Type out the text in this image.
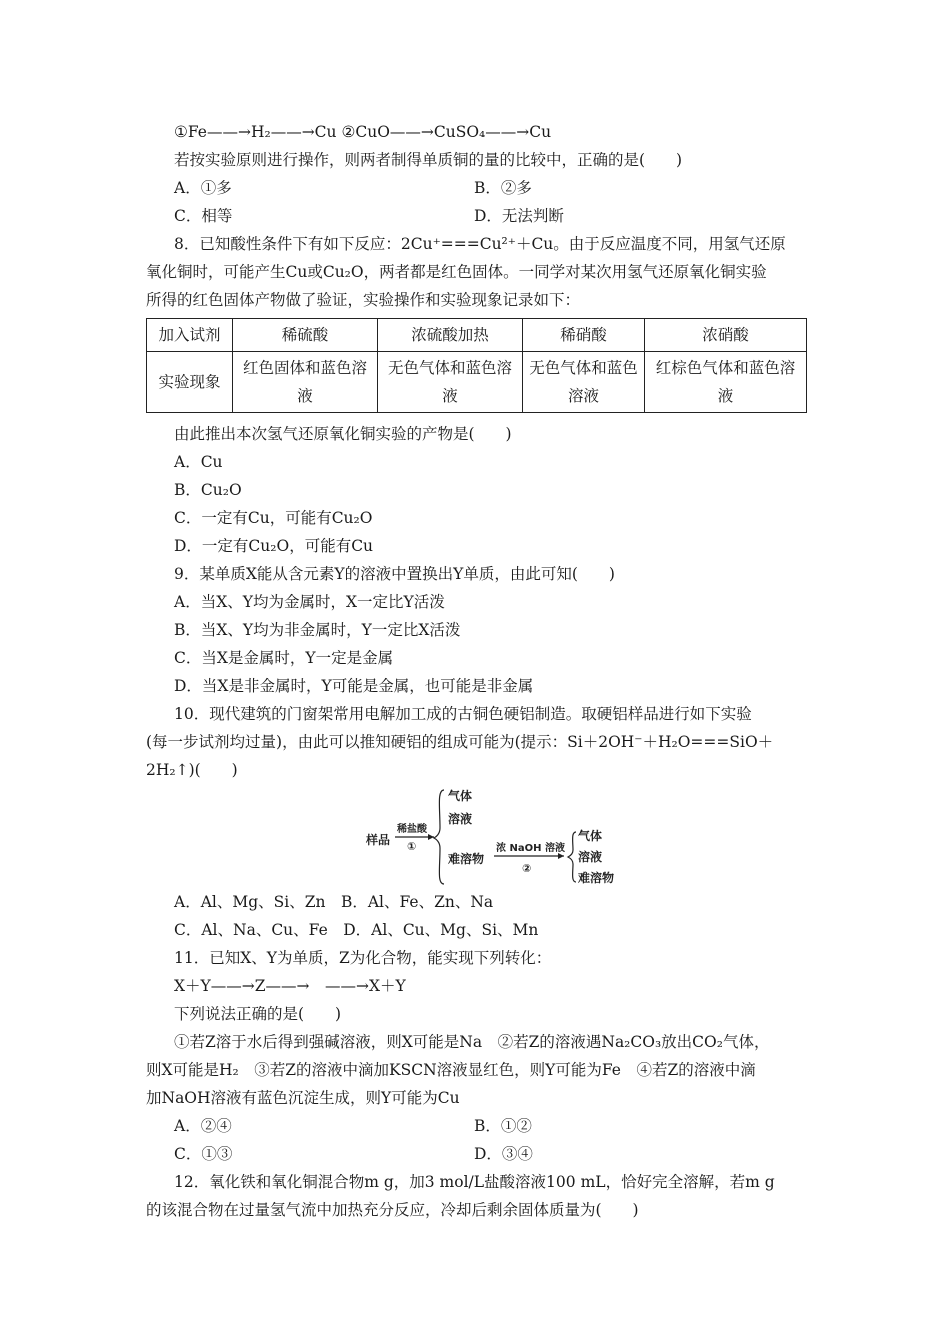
①Fe——→H₂——→Cu ②CuO——→CuSO₄——→Cu
若按实验原则进行操作，则两者制得单质铜的量的比较中，正确的是(　　)
A．①多	B．②多
C．相等	D．无法判断
8．已知酸性条件下有如下反应：2Cu⁺===Cu²⁺＋Cu。由于反应温度不同，用氢气还原
氧化铜时，可能产生Cu或Cu₂O，两者都是红色固体。一同学对某次用氢气还原氧化铜实验
所得的红色固体产物做了验证，实验操作和实验现象记录如下：
加入试剂	稀硫酸	浓硫酸加热	稀硝酸	浓硝酸
实验现象	红色固体和蓝色溶液	无色气体和蓝色溶液	无色气体和蓝色溶液	红棕色气体和蓝色溶液
由此推出本次氢气还原氧化铜实验的产物是(　　)
A．Cu
B．Cu₂O
C．一定有Cu，可能有Cu₂O
D．一定有Cu₂O，可能有Cu
9．某单质X能从含元素Y的溶液中置换出Y单质，由此可知(　　)
A．当X、Y均为金属时，X一定比Y活泼
B．当X、Y均为非金属时，Y一定比X活泼
C．当X是金属时，Y一定是金属
D．当X是非金属时，Y可能是金属，也可能是非金属
10．现代建筑的门窗架常用电解加工成的古铜色硬铝制造。取硬铝样品进行如下实验
(每一步试剂均过量)，由此可以推知硬铝的组成可能为(提示：Si＋2OH⁻＋H₂O===SiO＋
2H₂↑)(　　)
样品
稀盐酸
①
气体
溶液
难溶物
浓 NaOH 溶液
②
气体
溶液
难溶物
A．Al、Mg、Si、Zn　B．Al、Fe、Zn、Na
C．Al、Na、Cu、Fe　D．Al、Cu、Mg、Si、Mn
11．已知X、Y为单质，Z为化合物，能实现下列转化：
X＋Y——→Z——→　——→X＋Y
下列说法正确的是(　　)
①若Z溶于水后得到强碱溶液，则X可能是Na　②若Z的溶液遇Na₂CO₃放出CO₂气体，
则X可能是H₂　③若Z的溶液中滴加KSCN溶液显红色，则Y可能为Fe　④若Z的溶液中滴
加NaOH溶液有蓝色沉淀生成，则Y可能为Cu
A．②④	B．①②
C．①③	D．③④
12．氧化铁和氧化铜混合物m g，加3 mol/L盐酸溶液100 mL，恰好完全溶解，若m g
的该混合物在过量氢气流中加热充分反应，冷却后剩余固体质量为(　　)
